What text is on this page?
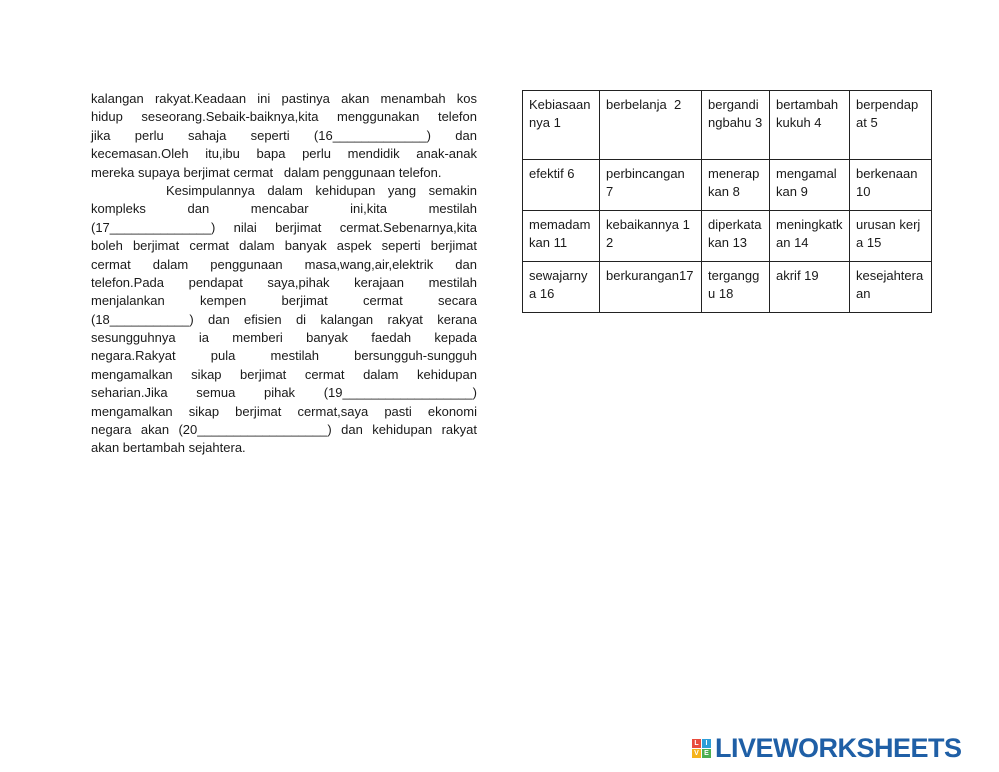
kalangan rakyat.Keadaan ini pastinya akan menambah kos
hidup seseorang.Sebaik-baiknya,kita menggunakan telefon
jika perlu sahaja seperti (16_____________) dan
kecemasan.Oleh itu,ibu bapa perlu mendidik anak-anak
mereka supaya berjimat cermat   dalam penggunaan telefon.
Kesimpulannya dalam kehidupan yang semakin
kompleks dan mencabar ini,kita mestilah
(17______________) nilai berjimat cermat.Sebenarnya,kita
boleh berjimat cermat dalam banyak aspek seperti berjimat
cermat dalam penggunaan masa,wang,air,elektrik dan
telefon.Pada pendapat saya,pihak kerajaan mestilah
menjalankan kempen berjimat cermat secara
(18___________) dan efisien di kalangan rakyat kerana
sesungguhnya ia memberi banyak faedah kepada
negara.Rakyat pula mestilah bersungguh-sungguh
mengamalkan sikap berjimat cermat dalam kehidupan
seharian.Jika semua pihak (19__________________)
mengamalkan sikap berjimat cermat,saya pasti ekonomi
negara akan (20__________________) dan kehidupan rakyat
akan bertambah sejahtera.
Kebiasaannya 1	berbelanja  2	bergandingbahu 3	bertambah kukuh 4	berpendapat 5
efektif 6	perbincangan 7	menerapkan 8	mengamalkan 9	berkenaan 10
memadamkan 11	kebaikannya 12	diperkatakan 13	meningkatkan 14	urusan kerja 15
sewajarnya 16	berkurangan17	tergangg u 18	akrif 19	kesejahteraan
L I
V E LIVEWORKSHEETS
